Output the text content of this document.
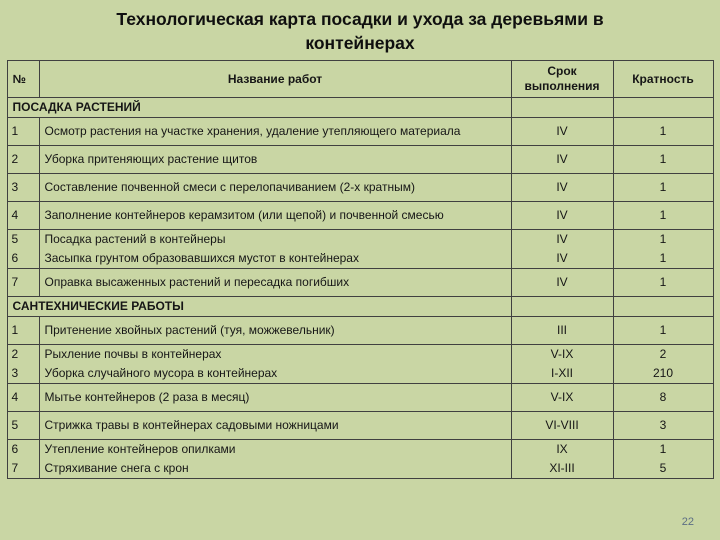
Технологическая карта посадки и ухода за деревьями в контейнерах
№	Название работ	Срок выполнения	Кратность
ПОСАДКА РАСТЕНИЙ			
1	Осмотр растения на участке хранения, удаление утепляющего материала	IV	1
2	Уборка притеняющих растение щитов	IV	1
3	Составление почвенной смеси с перелопачиванием (2-х кратным)	IV	1
4	Заполнение контейнеров керамзитом (или щепой) и почвенной смесью	IV	1
5	Посадка растений в контейнеры	IV	1
6	Засыпка грунтом образовавшихся мустот в контейнерах	IV	1
7	Оправка высаженных растений и пересадка погибших	IV	1
САНТЕХНИЧЕСКИЕ РАБОТЫ			
1	Притенение хвойных растений (туя, можжевельник)	III	1
2	Рыхление почвы в контейнерах	V-IX	2
3	Уборка случайного мусора в контейнерах	I-XII	210
4	Мытье контейнеров (2 раза в месяц)	V-IX	8
5	Стрижка травы в контейнерах садовыми ножницами	VI-VIII	3
6	Утепление контейнеров опилками	IX	1
7	Стряхивание снега с крон	XI-III	5
22
